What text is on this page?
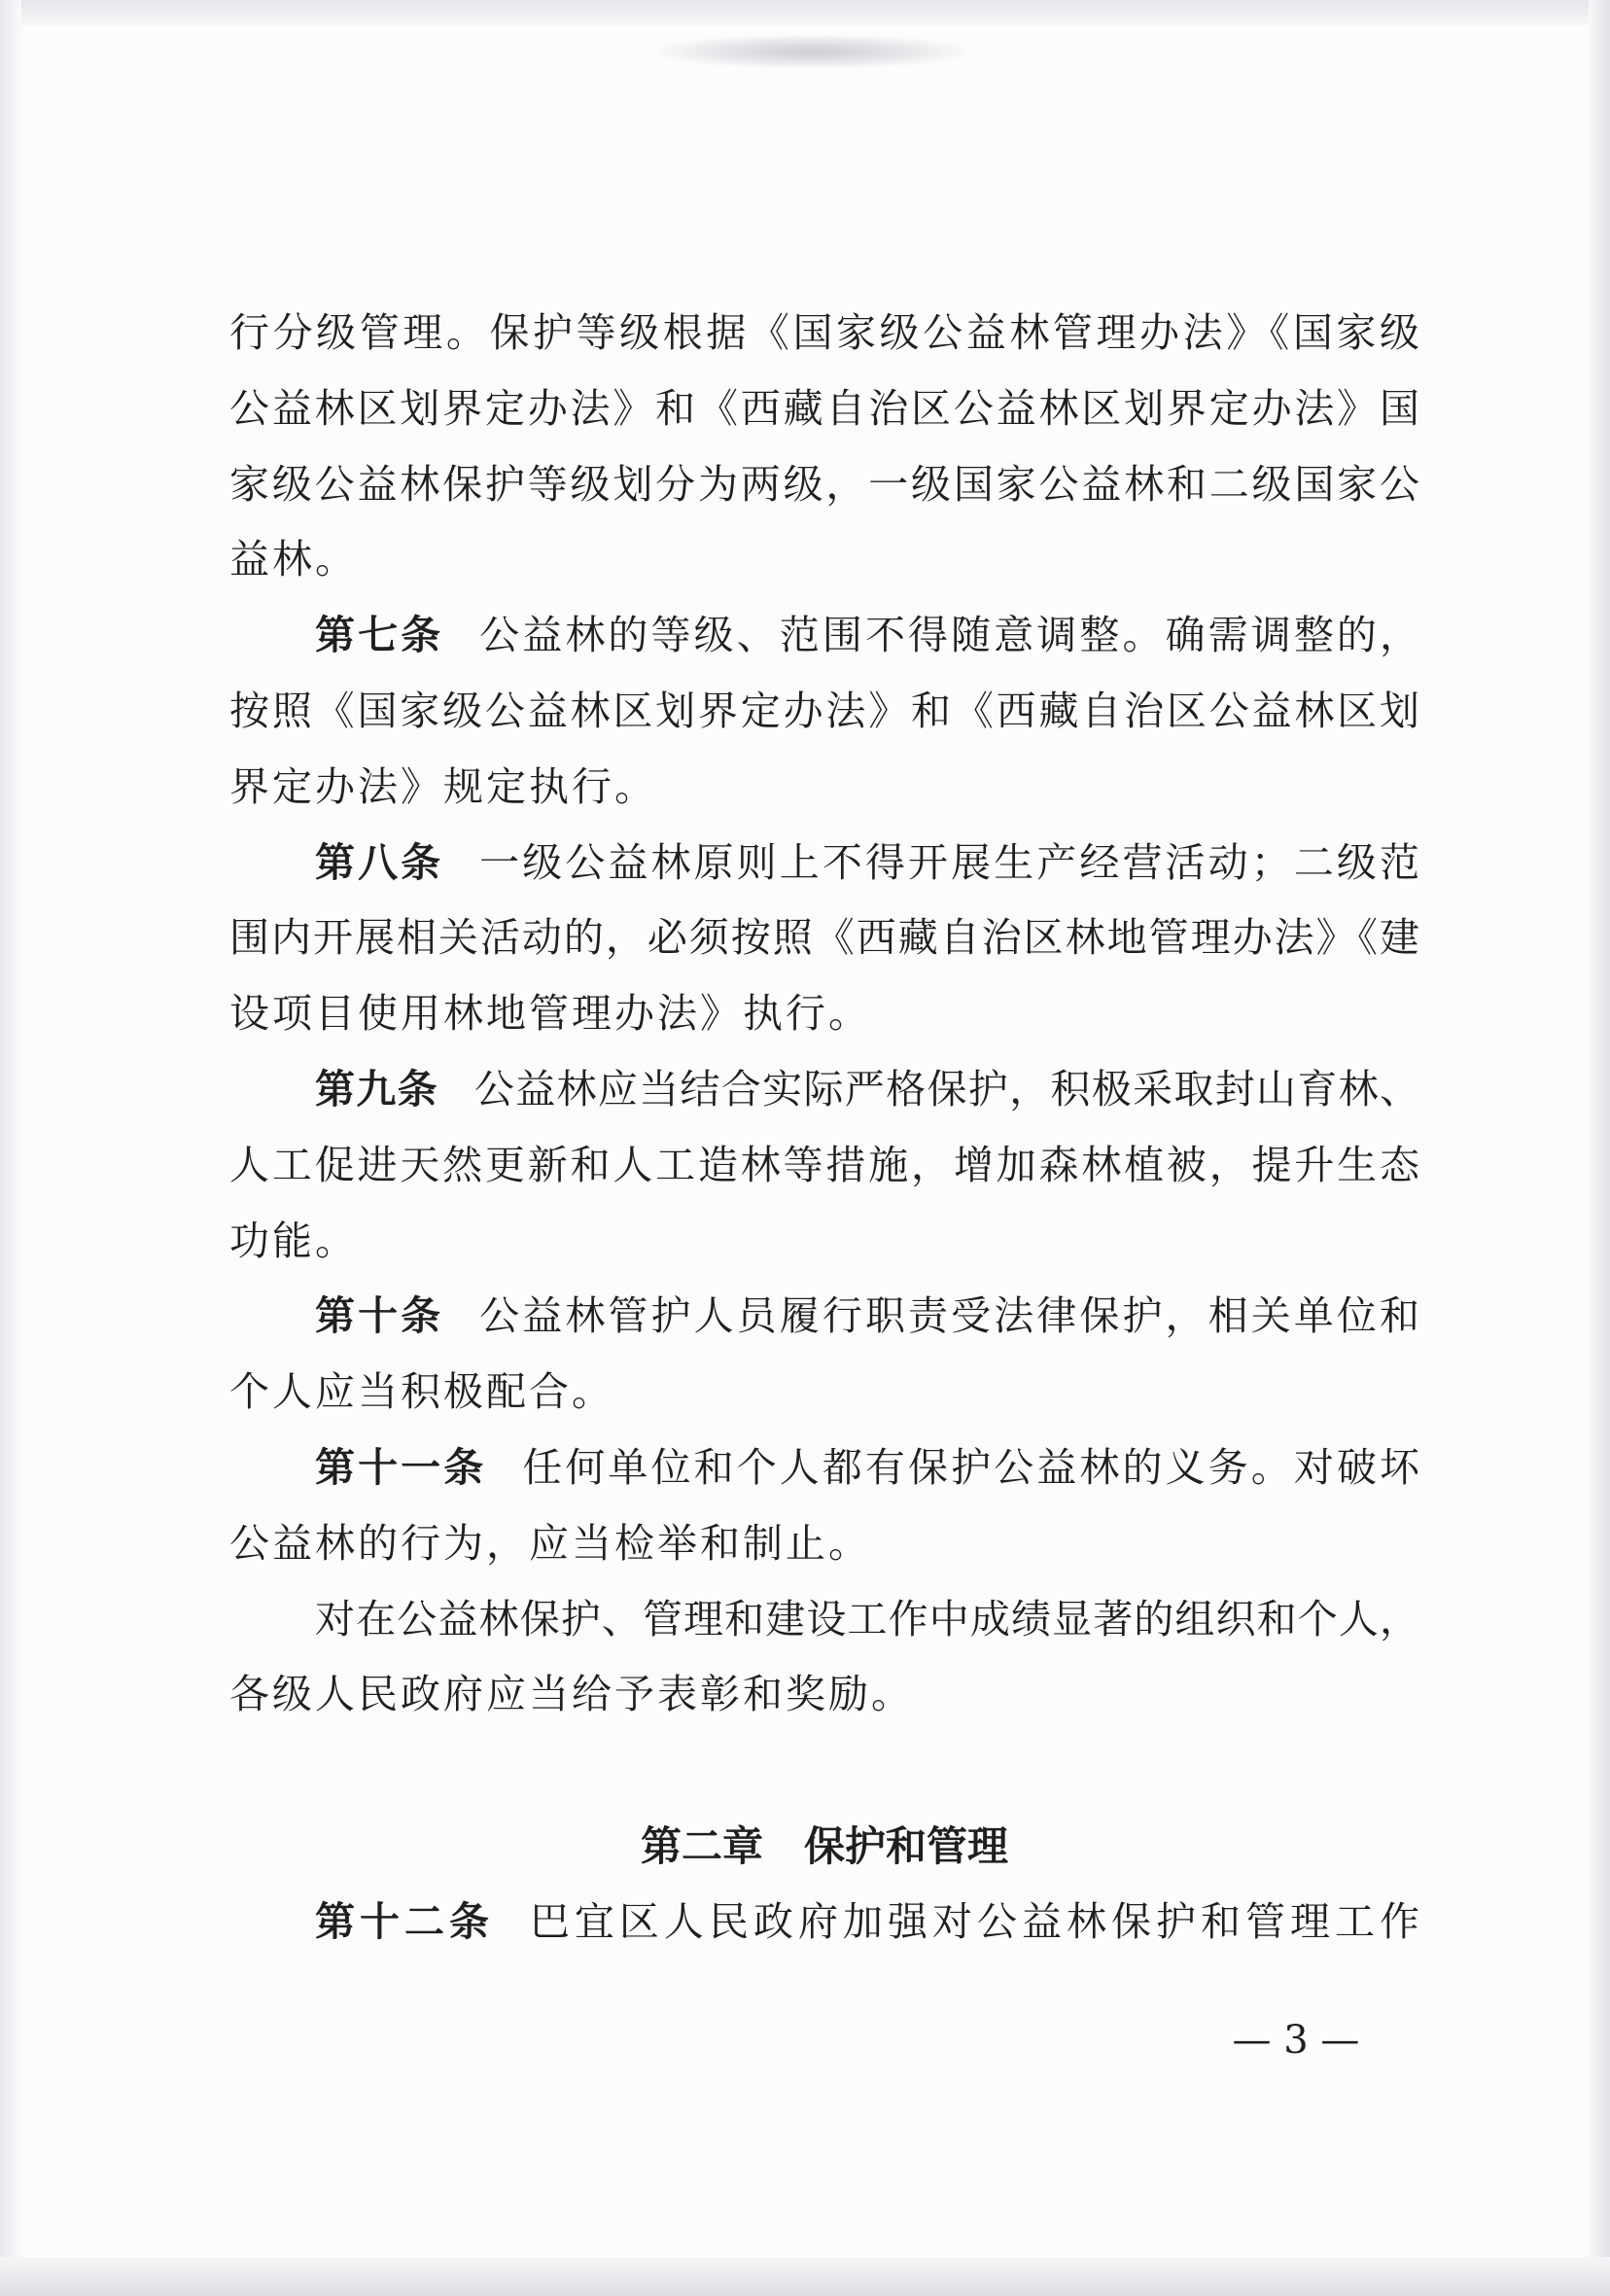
行分级管理。保护等级根据《国家级公益林管理办法》《国家级
公益林区划界定办法》和《西藏自治区公益林区划界定办法》国
家级公益林保护等级划分为两级，一级国家公益林和二级国家公
益林。
第七条 公益林的等级、范围不得随意调整。确需调整的，
按照《国家级公益林区划界定办法》和《西藏自治区公益林区划
界定办法》规定执行。
第八条 一级公益林原则上不得开展生产经营活动；二级范
围内开展相关活动的，必须按照《西藏自治区林地管理办法》《建
设项目使用林地管理办法》执行。
第九条 公益林应当结合实际严格保护，积极采取封山育林、
人工促进天然更新和人工造林等措施，增加森林植被，提升生态
功能。
第十条 公益林管护人员履行职责受法律保护，相关单位和
个人应当积极配合。
第十一条 任何单位和个人都有保护公益林的义务。对破坏
公益林的行为，应当检举和制止。
对在公益林保护、管理和建设工作中成绩显著的组织和个人，
各级人民政府应当给予表彰和奖励。
第二章　保护和管理
第十二条 巴宜区人民政府加强对公益林保护和管理工作
— 3 —
